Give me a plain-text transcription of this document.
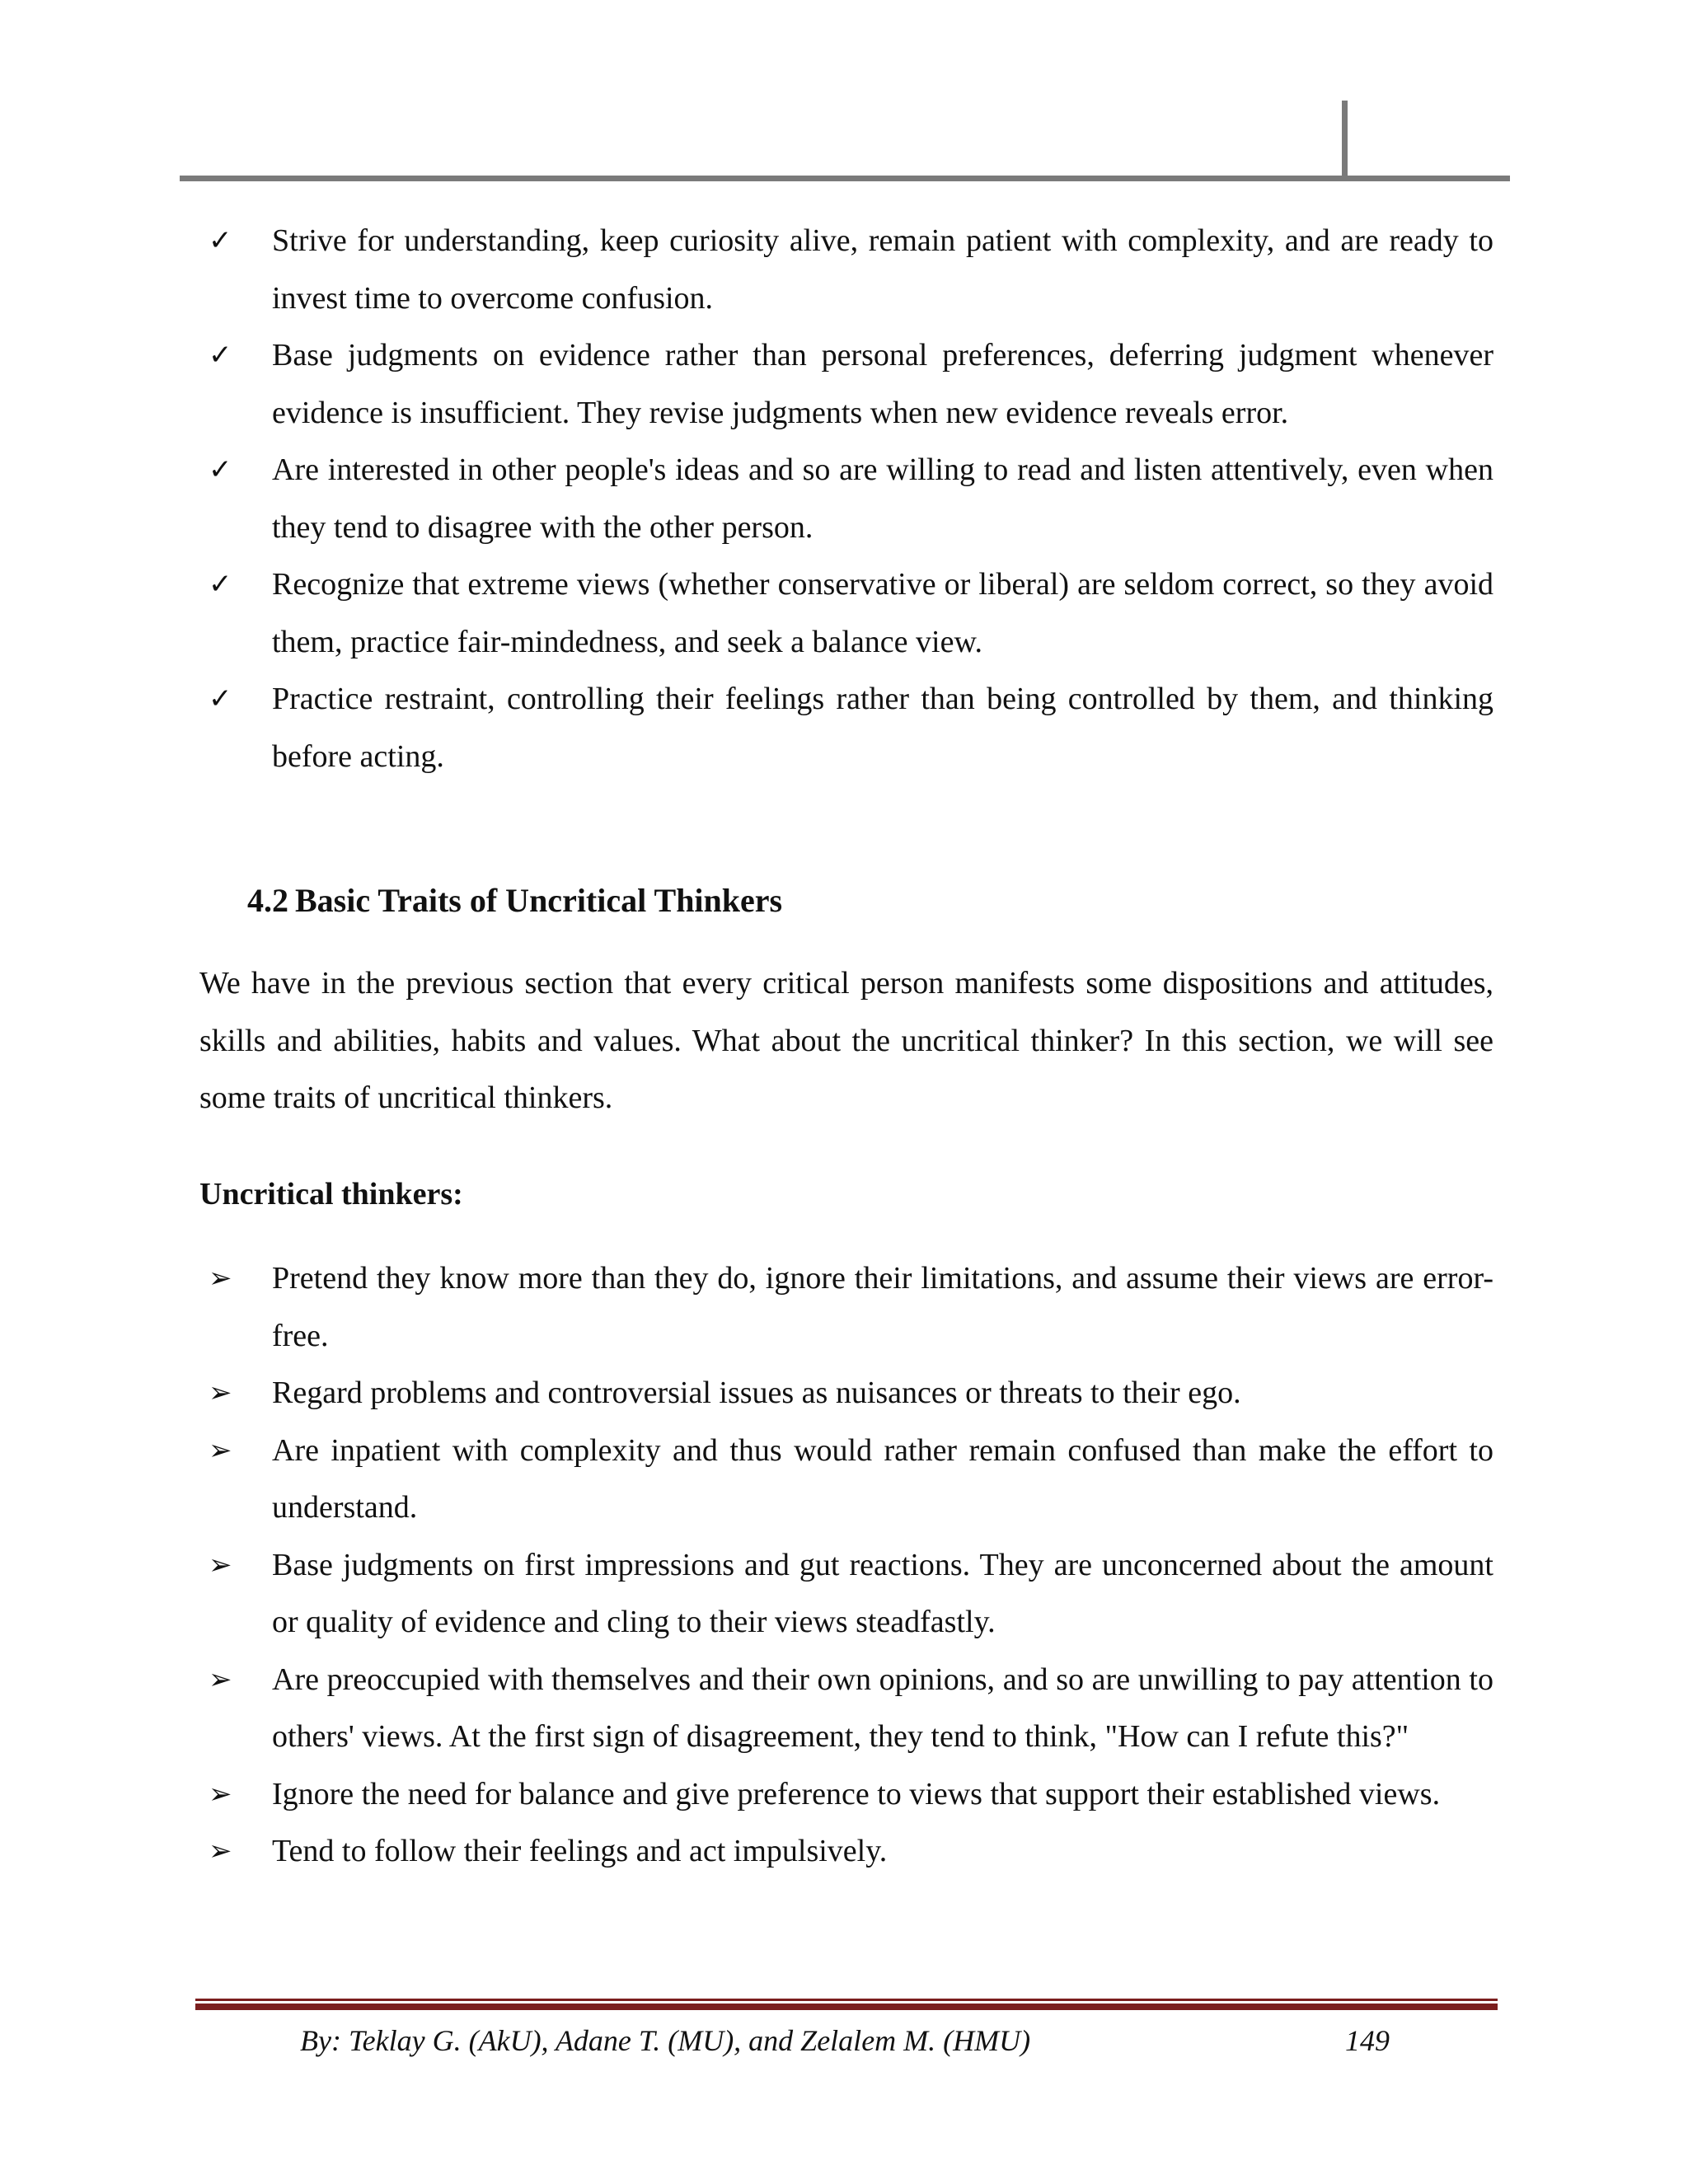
✓	Strive for understanding, keep curiosity alive, remain patient with complexity, and are ready to invest time to overcome confusion.
✓	Base judgments on evidence rather than personal preferences, deferring judgment whenever evidence is insufficient. They revise judgments when new evidence reveals error.
✓	Are interested in other people's ideas and so are willing to read and listen attentively, even when they tend to disagree with the other person.
✓	Recognize that extreme views (whether conservative or liberal) are seldom correct, so they avoid them, practice fair-mindedness, and seek a balance view.
✓	Practice restraint, controlling their feelings rather than being controlled by them, and thinking before acting.
4.2 Basic Traits of Uncritical Thinkers

We have in the previous section that every critical person manifests some dispositions and attitudes, skills and abilities, habits and values. What about the uncritical thinker? In this section, we will see some traits of uncritical thinkers.

Uncritical thinkers:

➢	Pretend they know more than they do, ignore their limitations, and assume their views are error-free.
➢	Regard problems and controversial issues as nuisances or threats to their ego.
➢	Are inpatient with complexity and thus would rather remain confused than make the effort to understand.
➢	Base judgments on first impressions and gut reactions. They are unconcerned about the amount or quality of evidence and cling to their views steadfastly.
➢	Are preoccupied with themselves and their own opinions, and so are unwilling to pay attention to others' views. At the first sign of disagreement, they tend to think, "How can I refute this?"
➢	Ignore the need for balance and give preference to views that support their established views.
➢	Tend to follow their feelings and act impulsively.

By: Teklay G. (AkU), Adane T. (MU), and Zelalem M. (HMU)	149
